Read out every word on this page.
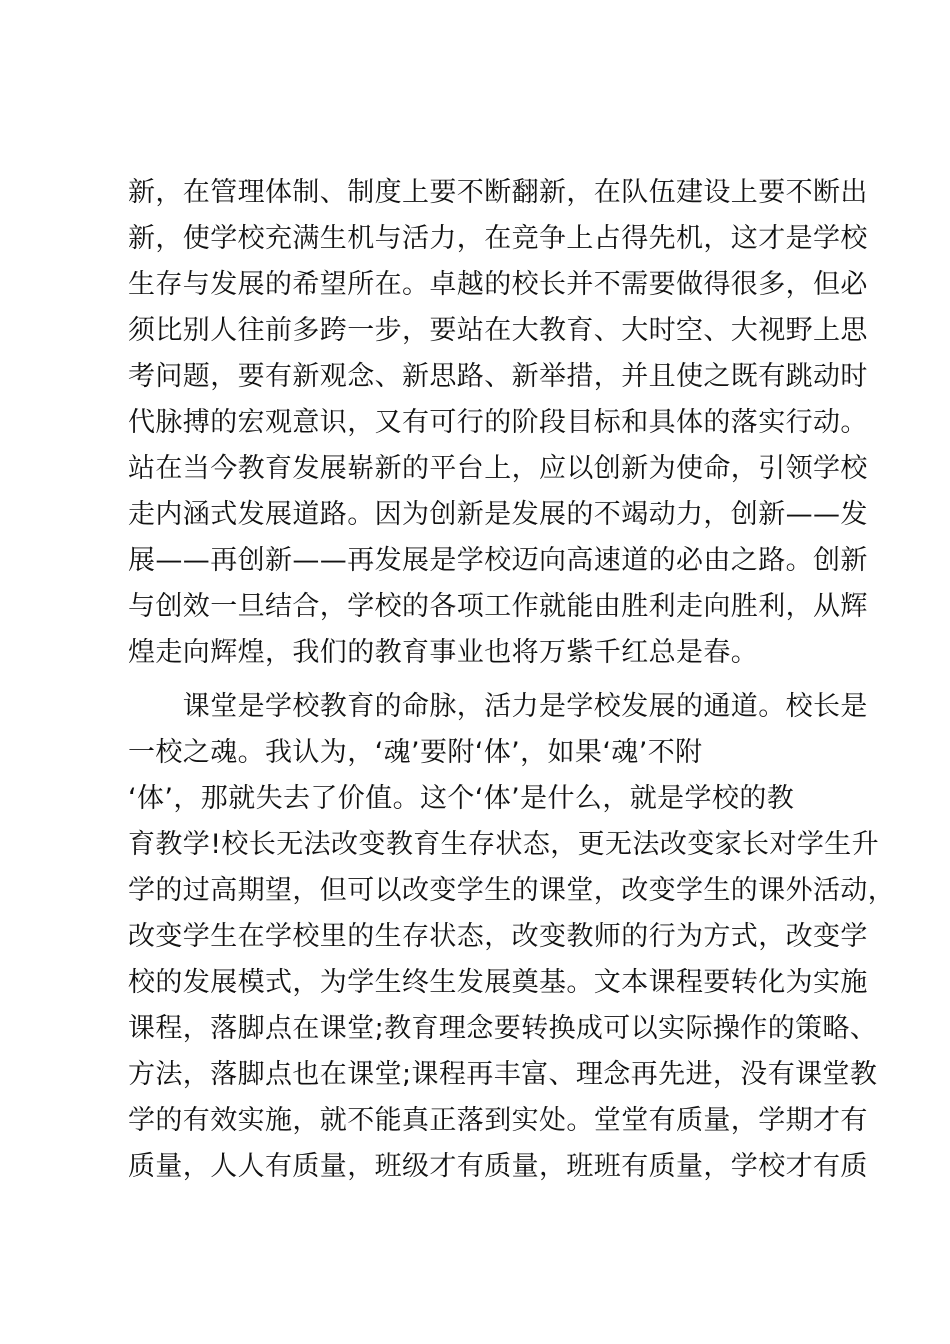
新，在管理体制、制度上要不断翻新，在队伍建设上要不断出
新，使学校充满生机与活力，在竞争上占得先机，这才是学校
生存与发展的希望所在。卓越的校长并不需要做得很多，但必
须比别人往前多跨一步，要站在大教育、大时空、大视野上思
考问题，要有新观念、新思路、新举措，并且使之既有跳动时
代脉搏的宏观意识，又有可行的阶段目标和具体的落实行动。
站在当今教育发展崭新的平台上，应以创新为使命，引领学校
走内涵式发展道路。因为创新是发展的不竭动力，创新——发
展——再创新——再发展是学校迈向高速道的必由之路。创新
与创效一旦结合，学校的各项工作就能由胜利走向胜利，从辉
煌走向辉煌，我们的教育事业也将万紫千红总是春。
　　课堂是学校教育的命脉，活力是学校发展的通道。校长是
一校之魂。我认为，‘魂’要附‘体’，如果‘魂’不附
‘体’，那就失去了价值。这个‘体’是什么，就是学校的教
育教学!校长无法改变教育生存状态，更无法改变家长对学生升
学的过高期望，但可以改变学生的课堂，改变学生的课外活动，
改变学生在学校里的生存状态，改变教师的行为方式，改变学
校的发展模式，为学生终生发展奠基。文本课程要转化为实施
课程，落脚点在课堂;教育理念要转换成可以实际操作的策略、
方法，落脚点也在课堂;课程再丰富、理念再先进，没有课堂教
学的有效实施，就不能真正落到实处。堂堂有质量，学期才有
质量，人人有质量，班级才有质量，班班有质量，学校才有质
